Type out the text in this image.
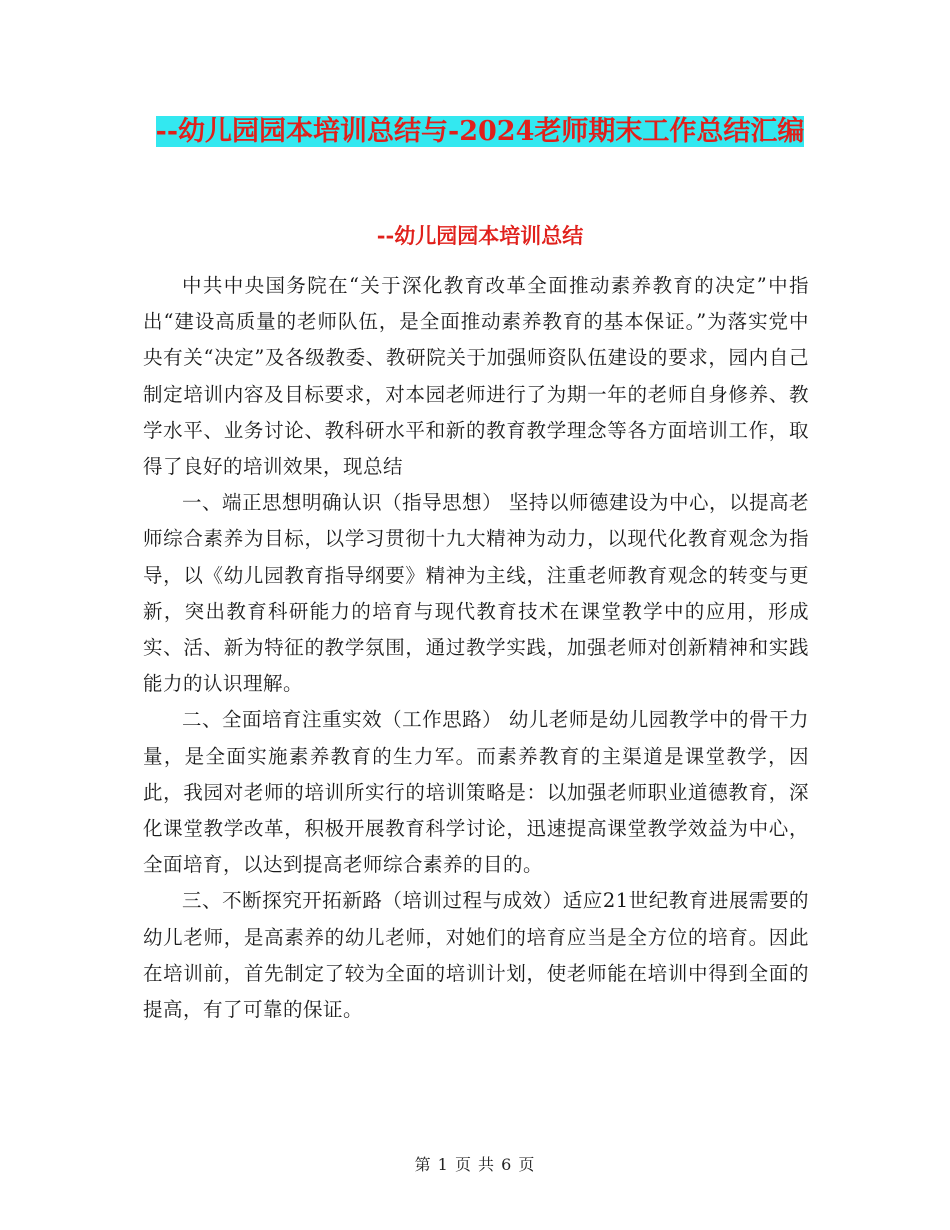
--幼儿园园本培训总结与-2024老师期末工作总结汇编
--幼儿园园本培训总结

中共中央国务院在“关于深化教育改革全面推动素养教育的决定”中指出“建设高质量的老师队伍，是全面推动素养教育的基本保证。”为落实党中央有关“决定”及各级教委、教研院关于加强师资队伍建设的要求，园内自己制定培训内容及目标要求，对本园老师进行了为期一年的老师自身修养、教学水平、业务讨论、教科研水平和新的教育教学理念等各方面培训工作，取得了良好的培训效果，现总结

一、端正思想明确认识（指导思想） 坚持以师德建设为中心，以提高老师综合素养为目标，以学习贯彻十九大精神为动力，以现代化教育观念为指导，以《幼儿园教育指导纲要》精神为主线，注重老师教育观念的转变与更新，突出教育科研能力的培育与现代教育技术在课堂教学中的应用，形成实、活、新为特征的教学氛围，通过教学实践，加强老师对创新精神和实践能力的认识理解。

二、全面培育注重实效（工作思路） 幼儿老师是幼儿园教学中的骨干力量，是全面实施素养教育的生力军。而素养教育的主渠道是课堂教学，因此，我园对老师的培训所实行的培训策略是：以加强老师职业道德教育，深化课堂教学改革，积极开展教育科学讨论，迅速提高课堂教学效益为中心，全面培育，以达到提高老师综合素养的目的。

三、不断探究开拓新路（培训过程与成效）适应21世纪教育进展需要的幼儿老师，是高素养的幼儿老师，对她们的培育应当是全方位的培育。因此在培训前，首先制定了较为全面的培训计划，使老师能在培训中得到全面的提高，有了可靠的保证。

第 1 页 共 6 页
